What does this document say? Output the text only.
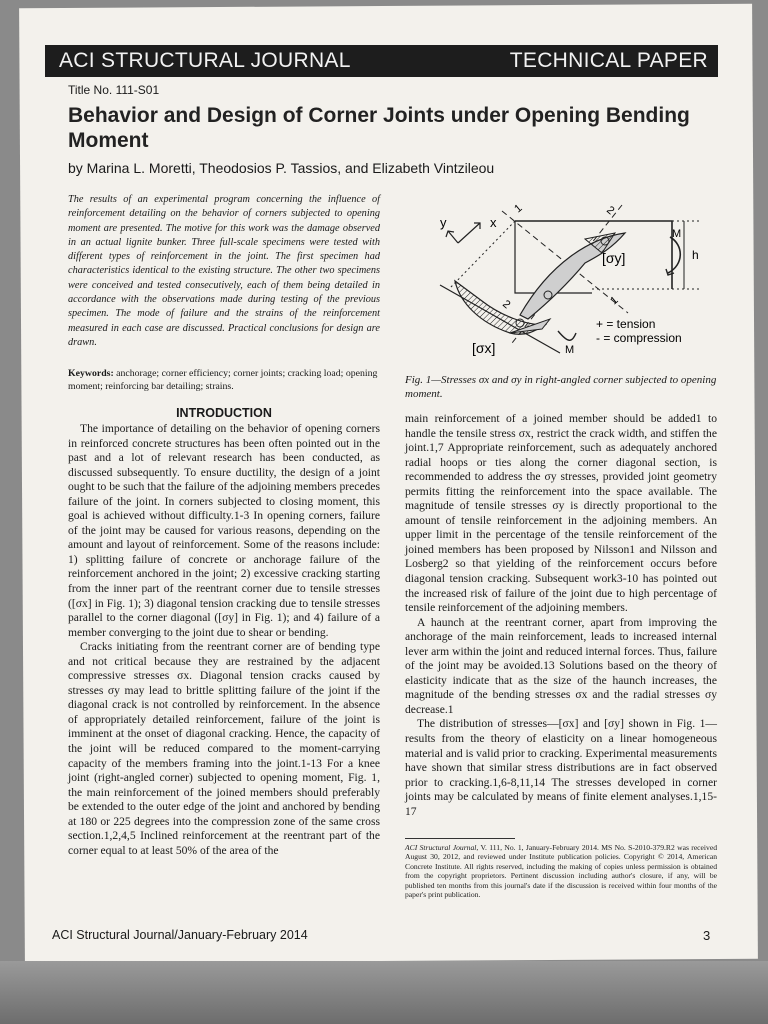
ACI STRUCTURAL JOURNAL	TECHNICAL PAPER
Title No. 111-S01
Behavior and Design of Corner Joints under Opening Bending Moment
by Marina L. Moretti, Theodosios P. Tassios, and Elizabeth Vintzileou

The results of an experimental program concerning the influence of reinforcement detailing on the behavior of corners subjected to opening moment are presented. The motive for this work was the damage observed in an actual lignite bunker. Three full-scale specimens were tested with different types of reinforcement in the joint. The first specimen had characteristics identical to the existing structure. The other two specimens were conceived and tested consecutively, each of them being detailed in accordance with the observations made during testing of the previous specimen. The mode of failure and the strains of the reinforcement measured in each case are discussed. Practical conclusions for design are drawn.

Keywords: anchorage; corner efficiency; corner joints; cracking load; opening moment; reinforcing bar detailing; strains.

x
y
M
M
h
1	2
2	1
[σy]
[σx]
+ = tension
- = compression

Fig. 1—Stresses σx and σy in right-angled corner subjected to opening moment.

INTRODUCTION

The importance of detailing on the behavior of opening corners in reinforced concrete structures has been often pointed out in the past and a lot of relevant research has been conducted, as discussed subsequently. To ensure ductility, the design of a joint ought to be such that the failure of the adjoining members precedes failure of the joint. In corners subjected to closing moment, this goal is achieved without difficulty.1-3 In opening corners, failure of the joint may be caused for various reasons, depending on the amount and layout of reinforcement. Some of the reasons include: 1) splitting failure of concrete or anchorage failure of the reinforcement anchored in the joint; 2) excessive cracking starting from the inner part of the reentrant corner due to tensile stresses ([σx] in Fig. 1); 3) diagonal tension cracking due to tensile stresses parallel to the corner diagonal ([σy] in Fig. 1); and 4) failure of a member converging to the joint due to shear or bending.

Cracks initiating from the reentrant corner are of bending type and not critical because they are restrained by the adjacent compressive stresses σx. Diagonal tension cracks caused by stresses σy may lead to brittle splitting failure of the joint if the diagonal crack is not controlled by reinforcement. In the absence of appropriately detailed reinforcement, failure of the joint is imminent at the onset of diagonal cracking. Hence, the capacity of the joint will be reduced compared to the moment-carrying capacity of the members framing into the joint.1-13 For a knee joint (right-angled corner) subjected to opening moment, Fig. 1, the main reinforcement of the joined members should preferably be extended to the outer edge of the joint and anchored by bending at 180 or 225 degrees into the compression zone of the same cross section.1,2,4,5 Inclined reinforcement at the reentrant part of the corner equal to at least 50% of the area of the

main reinforcement of a joined member should be added1 to handle the tensile stress σx, restrict the crack width, and stiffen the joint.1,7 Appropriate reinforcement, such as adequately anchored radial hoops or ties along the corner diagonal section, is recommended to address the σy stresses, provided joint geometry permits fitting the reinforcement into the space available. The magnitude of tensile stresses σy is directly proportional to the amount of tensile reinforcement in the adjoining members. An upper limit in the percentage of the tensile reinforcement of the joined members has been proposed by Nilsson1 and Nilsson and Losberg2 so that yielding of the reinforcement occurs before diagonal tension cracking. Subsequent work3-10 has pointed out the increased risk of failure of the joint due to high percentage of tensile reinforcement of the adjoining members.

A haunch at the reentrant corner, apart from improving the anchorage of the main reinforcement, leads to increased internal lever arm within the joint and reduced internal forces. Thus, failure of the joint may be avoided.13 Solutions based on the theory of elasticity indicate that as the size of the haunch increases, the magnitude of the bending stresses σx and the radial stresses σy decrease.1

The distribution of stresses—[σx] and [σy] shown in Fig. 1—results from the theory of elasticity on a linear homogeneous material and is valid prior to cracking. Experimental measurements have shown that similar stress distributions are in fact observed prior to cracking.1,6-8,11,14 The stresses developed in corner joints may be calculated by means of finite element analyses.1,15-17

ACI Structural Journal, V. 111, No. 1, January-February 2014. MS No. S-2010-379.R2 was received August 30, 2012, and reviewed under Institute publication policies. Copyright © 2014, American Concrete Institute. All rights reserved, including the making of copies unless permission is obtained from the copyright proprietors. Pertinent discussion including author's closure, if any, will be published ten months from this journal's date if the discussion is received within four months of the paper's print publication.

ACI Structural Journal/January-February 2014	3
